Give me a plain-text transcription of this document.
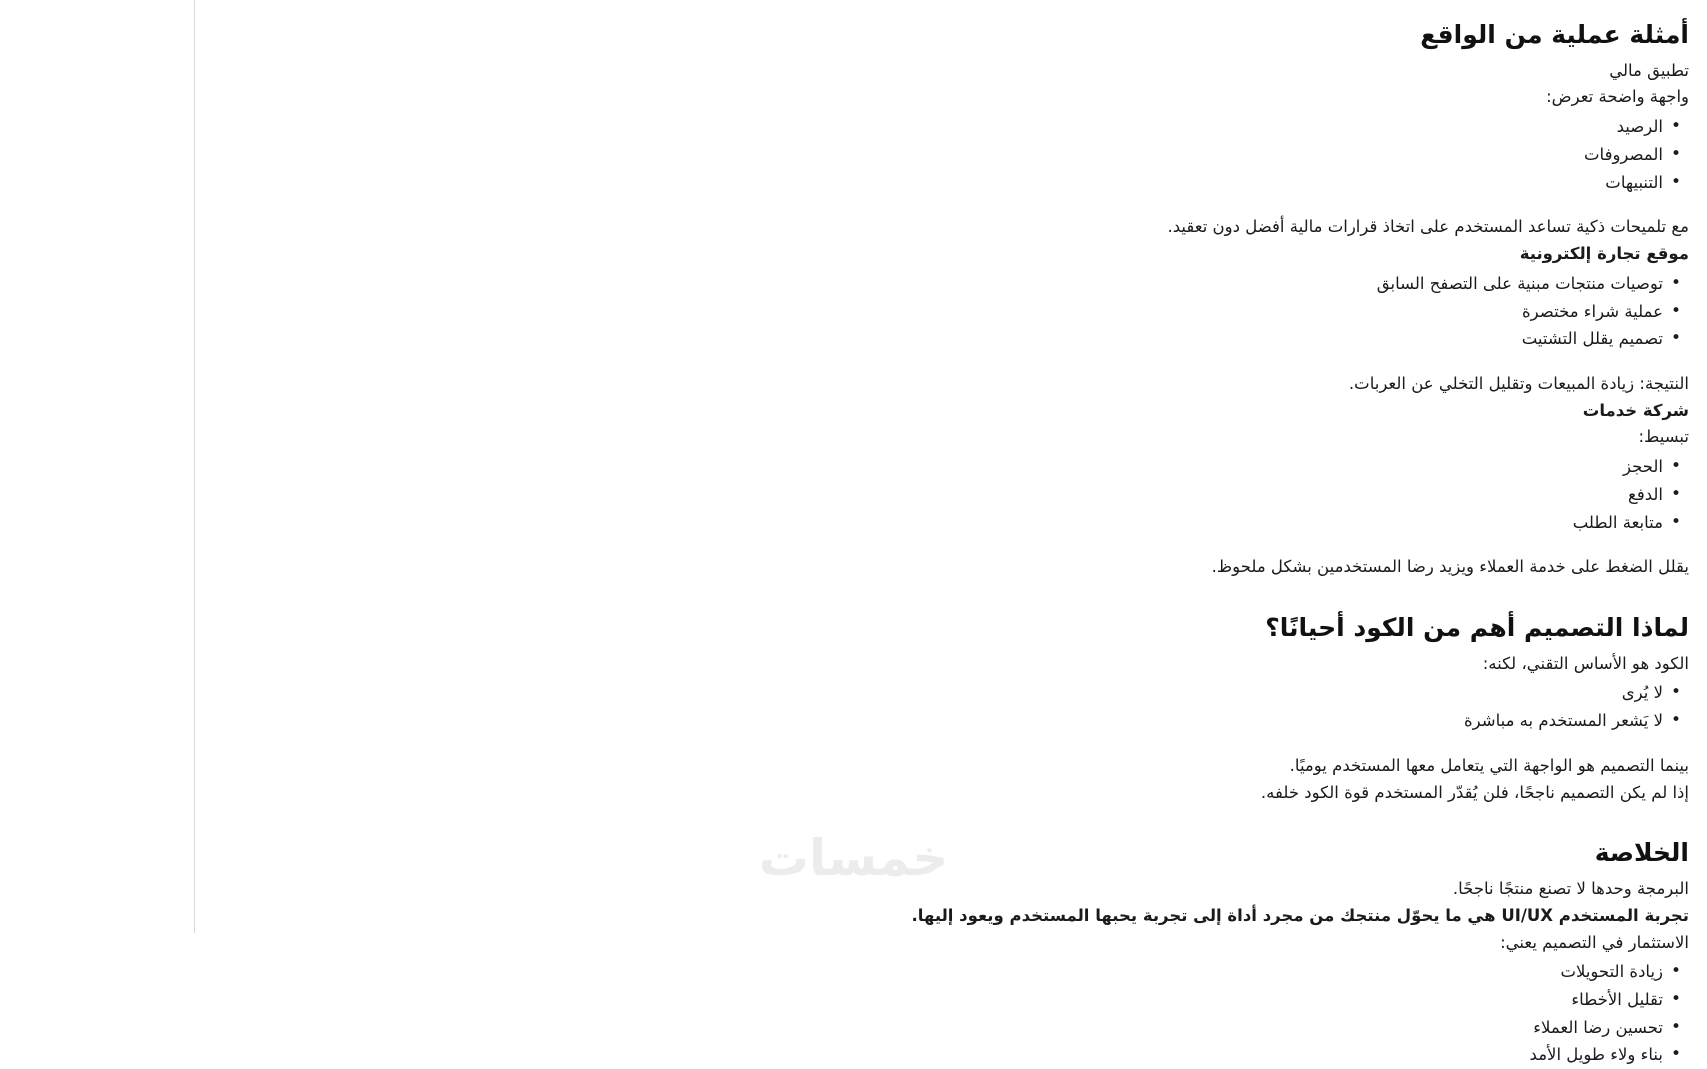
أمثلة عملية من الواقع

تطبيق مالي

واجهة واضحة تعرض:

• الرصيد
• المصروفات
• التنبيهات

مع تلميحات ذكية تساعد المستخدم على اتخاذ قرارات مالية أفضل دون تعقيد.

موقع تجارة إلكترونية

• توصيات منتجات مبنية على التصفح السابق
• عملية شراء مختصرة
• تصميم يقلل التشتيت

النتيجة: زيادة المبيعات وتقليل التخلي عن العربات.

شركة خدمات

تبسيط:

• الحجز
• الدفع
• متابعة الطلب

يقلل الضغط على خدمة العملاء ويزيد رضا المستخدمين بشكل ملحوظ.

لماذا التصميم أهم من الكود أحيانًا؟

الكود هو الأساس التقني، لكنه:

• لا يُرى
• لا يَشعر المستخدم به مباشرة

بينما التصميم هو الواجهة التي يتعامل معها المستخدم يوميًا.

إذا لم يكن التصميم ناجحًا، فلن يُقدّر المستخدم قوة الكود خلفه.

الخلاصة

البرمجة وحدها لا تصنع منتجًا ناجحًا.

تجربة المستخدم UI/UX هي ما يحوّل منتجك من مجرد أداة إلى تجربة يحبها المستخدم ويعود إليها.

الاستثمار في التصميم يعني:

• زيادة التحويلات
• تقليل الأخطاء
• تحسين رضا العملاء
• بناء ولاء طويل الأمد
خمسات
